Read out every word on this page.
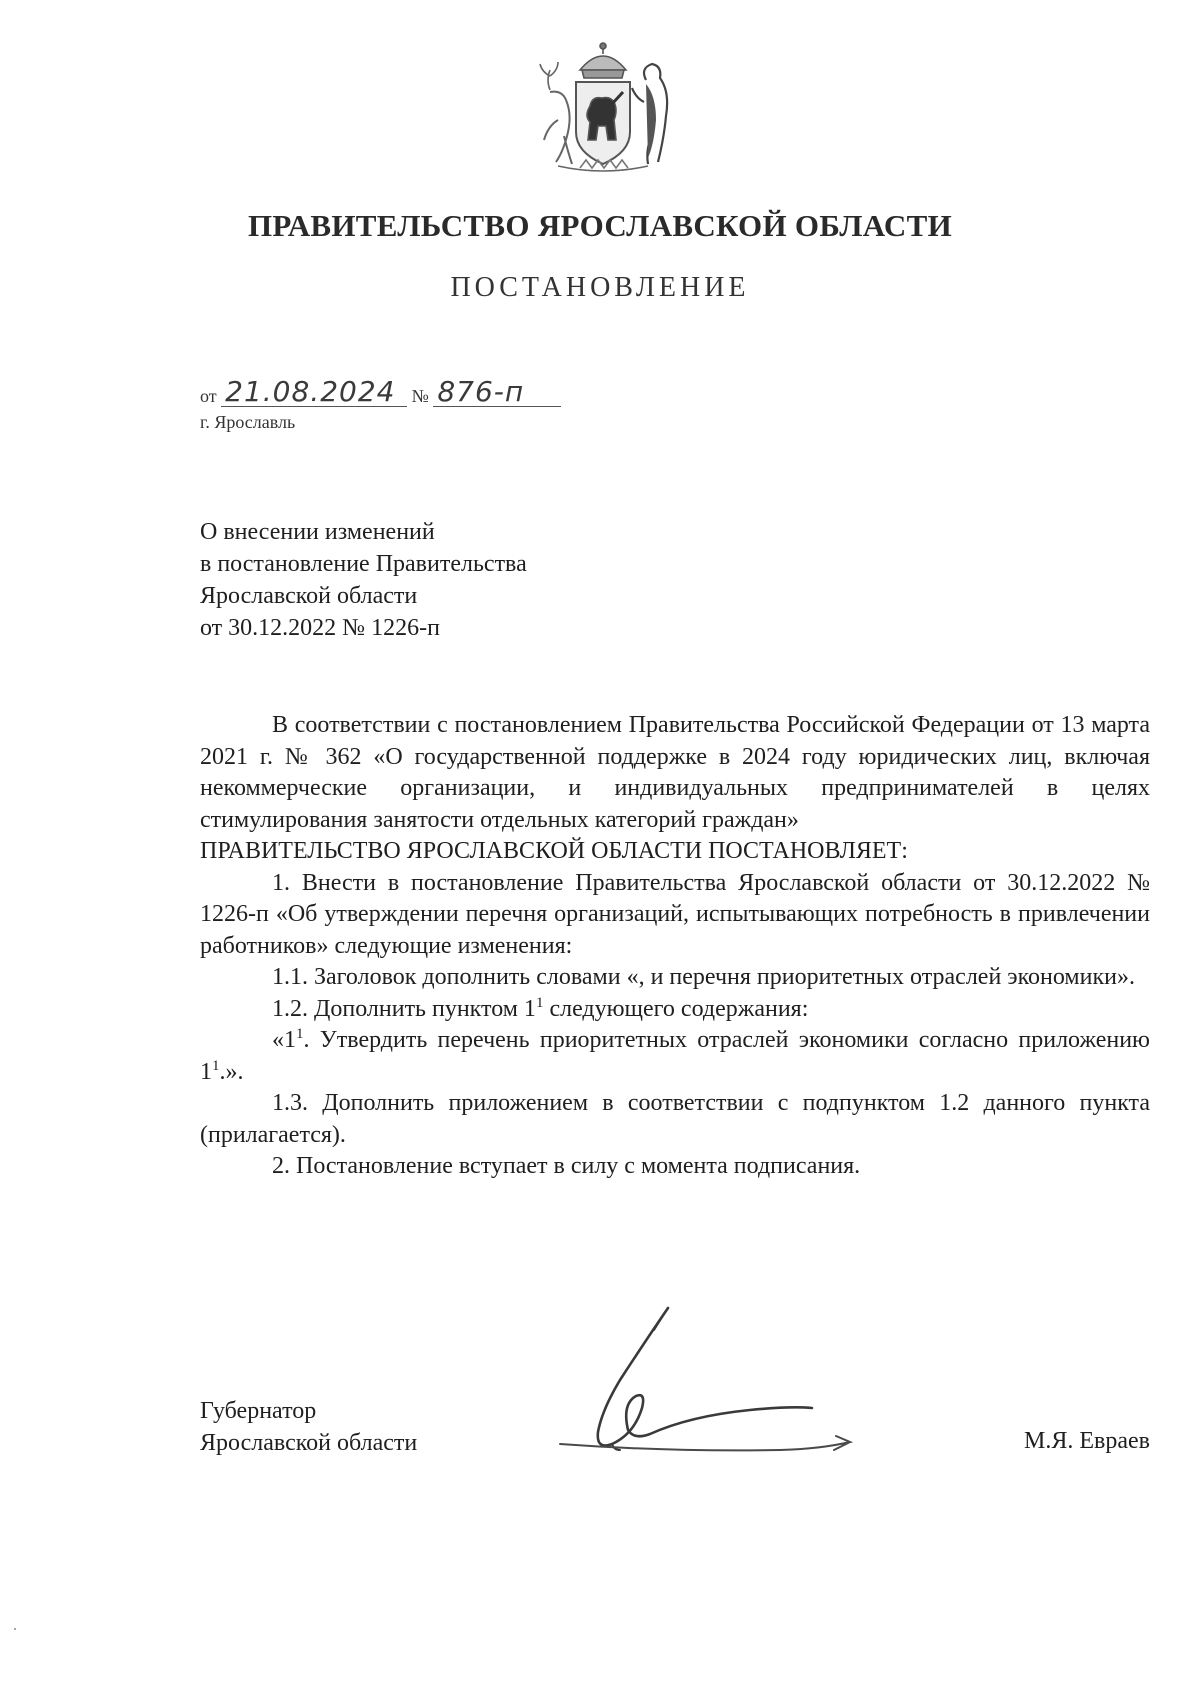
ПРАВИТЕЛЬСТВО ЯРОСЛАВСКОЙ ОБЛАСТИ
ПОСТАНОВЛЕНИЕ
от 21.08.2024 № 876-п
г. Ярославль
О внесении изменений
в постановление Правительства
Ярославской области
от 30.12.2022 № 1226-п

В соответствии с постановлением Правительства Российской Федерации от 13 марта 2021 г. № 362 «О государственной поддержке в 2024 году юридических лиц, включая некоммерческие организации, и индивидуальных предпринимателей в целях стимулирования занятости отдельных категорий граждан»

ПРАВИТЕЛЬСТВО ЯРОСЛАВСКОЙ ОБЛАСТИ ПОСТАНОВЛЯЕТ:

1. Внести в постановление Правительства Ярославской области от 30.12.2022 № 1226-п «Об утверждении перечня организаций, испытывающих потребность в привлечении работников» следующие изменения:

1.1. Заголовок дополнить словами «, и перечня приоритетных отраслей экономики».

1.2. Дополнить пунктом $1^1$ следующего содержания:

«$1^1$. Утвердить перечень приоритетных отраслей экономики согласно приложению $1^1$.».

1.3. Дополнить приложением в соответствии с подпунктом 1.2 данного пункта (прилагается).

2. Постановление вступает в силу с момента подписания.

Губернатор
Ярославской области	М.Я. Евраев
